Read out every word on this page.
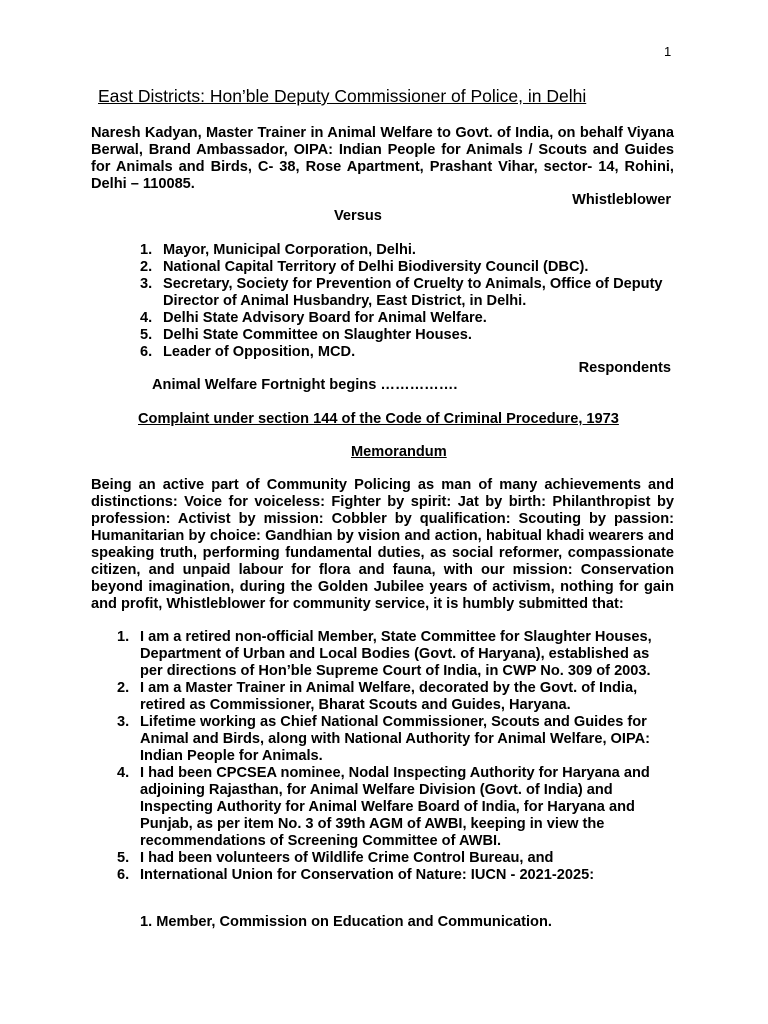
1
East Districts: Hon’ble Deputy Commissioner of Police, in Delhi

Naresh Kadyan, Master Trainer in Animal Welfare to Govt. of India, on behalf Viyana Berwal, Brand Ambassador, OIPA: Indian People for Animals / Scouts and Guides for Animals and Birds, C- 38, Rose Apartment, Prashant Vihar, sector- 14, Rohini, Delhi – 110085.

Whistleblower
Versus
1. Mayor, Municipal Corporation, Delhi.
2. National Capital Territory of Delhi Biodiversity Council (DBC).
3. Secretary, Society for Prevention of Cruelty to Animals, Office of Deputy Director of Animal Husbandry, East District, in Delhi.
4. Delhi State Advisory Board for Animal Welfare.
5. Delhi State Committee on Slaughter Houses.
6. Leader of Opposition, MCD.
Respondents
Animal Welfare Fortnight begins …………….
Complaint under section 144 of the Code of Criminal Procedure, 1973
Memorandum

Being an active part of Community Policing as man of many achievements and distinctions: Voice for voiceless: Fighter by spirit: Jat by birth: Philanthropist by profession: Activist by mission: Cobbler by qualification: Scouting by passion: Humanitarian by choice: Gandhian by vision and action, habitual khadi wearers and speaking truth, performing fundamental duties, as social reformer, compassionate citizen, and unpaid labour for flora and fauna, with our mission: Conservation beyond imagination, during the Golden Jubilee years of activism, nothing for gain and profit, Whistleblower for community service, it is humbly submitted that:

1. I am a retired non-official Member, State Committee for Slaughter Houses, Department of Urban and Local Bodies (Govt. of Haryana), established as per directions of Hon’ble Supreme Court of India, in CWP No. 309 of 2003.
2. I am a Master Trainer in Animal Welfare, decorated by the Govt. of India, retired as Commissioner, Bharat Scouts and Guides, Haryana.
3. Lifetime working as Chief National Commissioner, Scouts and Guides for Animal and Birds, along with National Authority for Animal Welfare, OIPA: Indian People for Animals.
4. I had been CPCSEA nominee, Nodal Inspecting Authority for Haryana and adjoining Rajasthan, for Animal Welfare Division (Govt. of India) and Inspecting Authority for Animal Welfare Board of India, for Haryana and Punjab, as per item No. 3 of 39th AGM of AWBI, keeping in view the recommendations of Screening Committee of AWBI.
5. I had been volunteers of Wildlife Crime Control Bureau, and
6. International Union for Conservation of Nature: IUCN - 2021-2025:
1. Member, Commission on Education and Communication.
